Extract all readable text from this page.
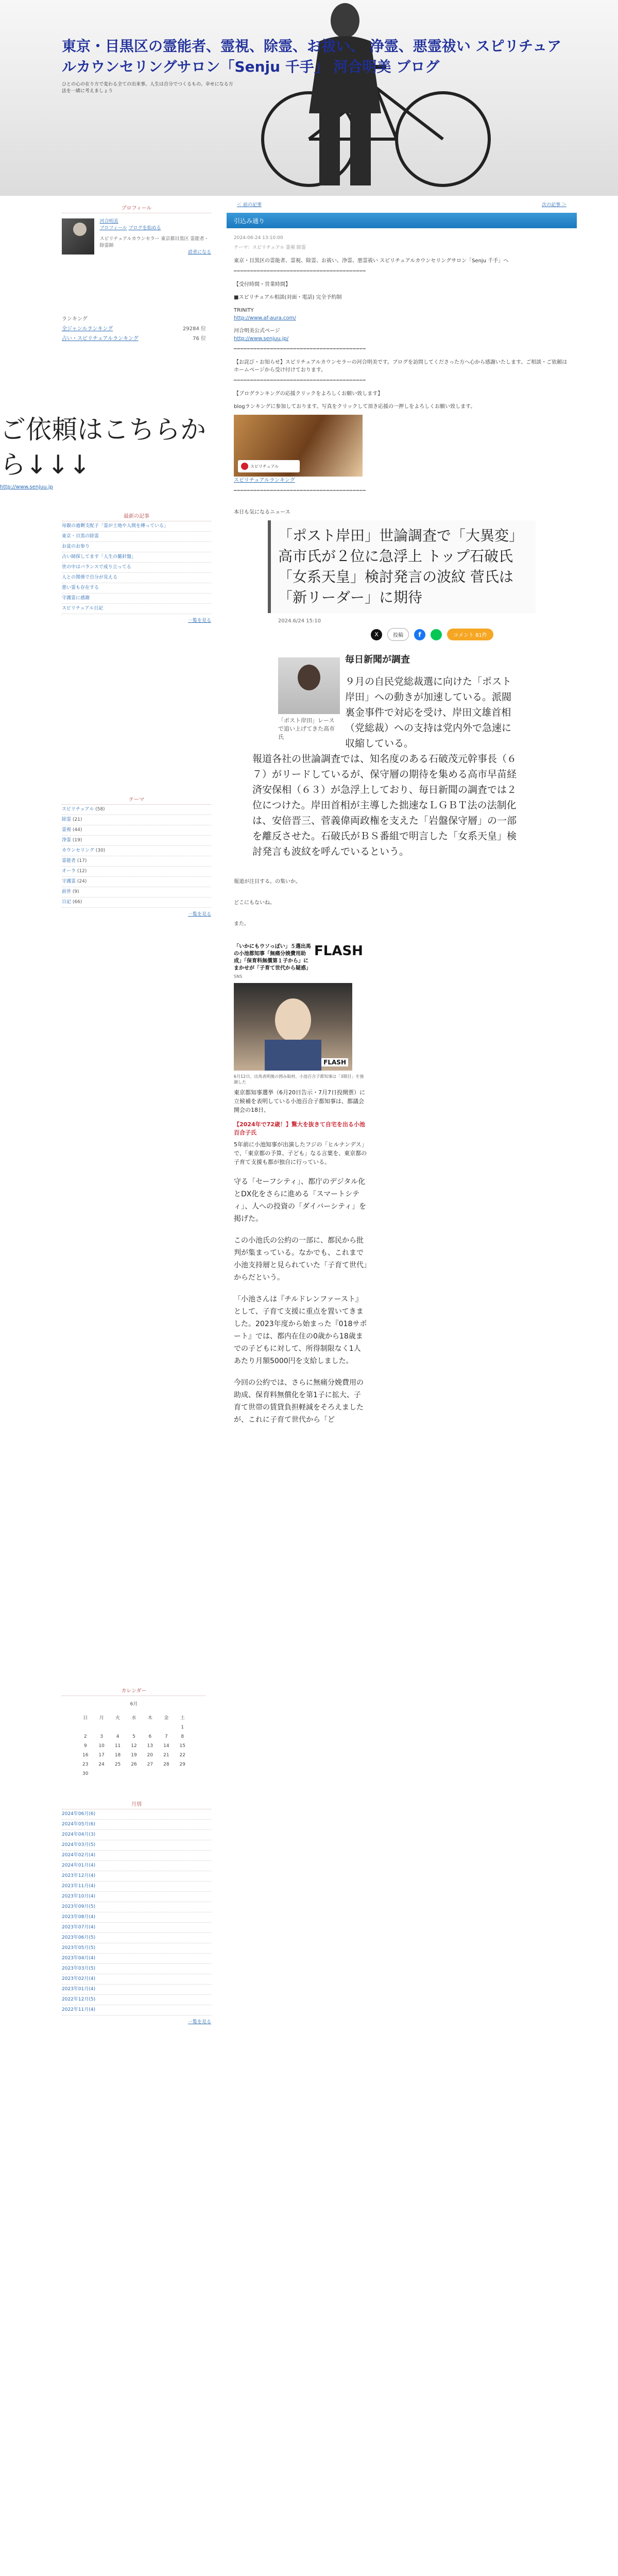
東京・目黒区の霊能者、霊視、除霊、お祓い、 浄霊、悪霊祓い スピリチュアルカウンセリングサロン「Senju 千手」 河合明美 ブログ
ひとの心の在り方で変わる全ての出来事。人生は自分でつくるもの。幸せになる方法を一緒に考えましょう
プロフィール
河合明美
プロフィール ブログを始める
スピリチュアルカウンセラー 東京都目黒区 霊能者・除霊師
読者になる
ランキング
全ジャンルランキング	29284 位
占い・スピリチュアルランキング	76 位
ご依頼はこちらから↓↓↓
http://www.senjuu.jp
最新の記事
母親の過剰支配子「霊が土地や人間を縛っている」
東京・目黒の除霊
お盆のお参り
占い師探してます「人生の羅針盤」
世の中はバランスで成り立ってる
人との関係で自分が見える
悪い霊も存在する
守護霊に感謝
スピリチュアル日記
一覧を見る
テーマ
スピリチュアル (58)
除霊 (21)
霊視 (44)
浄霊 (19)
カウンセリング (30)
霊能者 (17)
オーラ (12)
守護霊 (24)
前世 (9)
日記 (66)
一覧を見る
カレンダー
6月
日	月	火	水	木	金	土
						1
2	3	4	5	6	7	8
9	10	11	12	13	14	15
16	17	18	19	20	21	22
23	24	25	26	27	28	29
30						
月別
2024年06月(6)
2024年05月(6)
2024年04月(3)
2024年03月(5)
2024年02月(4)
2024年01月(4)
2023年12月(4)
2023年11月(4)
2023年10月(4)
2023年09月(5)
2023年08月(4)
2023年07月(4)
2023年06月(5)
2023年05月(5)
2023年04月(4)
2023年03月(5)
2023年02月(4)
2023年01月(4)
2022年12月(5)
2022年11月(4)
一覧を見る
＜ 前の記事	次の記事 ＞
引込み通り
2024-06-24 13:10:00
テーマ：スピリチュアル 霊視 除霊

東京・目黒区の霊能者、霊視、除霊、お祓い、浄霊、悪霊祓い スピリチュアルカウンセリングサロン「Senju 千手」へ

━━━━━━━━━━━━━━━━━━━━━━━━━━━━━━━━━━━━━━━━

【受付時間・営業時間】

■スピリチュアル相談(対面・電話) 完全予約制

TRINITY

http://www.af-aura.com/

河合明美公式ページ

http://www.senjuu.jp/
━━━━━━━━━━━━━━━━━━━━━━━━━━━━━━━━━━━━━━━━

【お詫び・お知らせ】スピリチュアルカウンセラーの河合明美です。ブログを訪問してくださった方へ心から感謝いたします。ご相談・ご依頼はホームページから受け付けております。

━━━━━━━━━━━━━━━━━━━━━━━━━━━━━━━━━━━━━━━━

【ブログランキングの応援クリックをよろしくお願い致します】

blogランキングに参加しております。写真をクリックして頂き応援の一押しをよろしくお願い致します。

スピリチュアル
スピリチュアルランキング
━━━━━━━━━━━━━━━━━━━━━━━━━━━━━━━━━━━━━━━━

本日も気になるニュース

「ポスト岸田」世論調査で「大異変」高市氏が２位に急浮上 トップ石破氏「女系天皇」検討発言の波紋 菅氏は「新リーダー」に期待
2024.6/24 15:10
X	投稿	f	コメント 81件
「ポスト岸田」レースで追い上げてきた高市氏
毎日新聞が調査
９月の自民党総裁選に向けた「ポスト岸田」への動きが加速している。派閥裏金事件で対応を受け、岸田文雄首相（党総裁）への支持は党内外で急速に収縮している。
報道各社の世論調査では、知名度のある石破茂元幹事長（６７）がリードしているが、保守層の期待を集める高市早苗経済安保相（６３）が急浮上しており、毎日新聞の調査では２位につけた。岸田首相が主導した拙速なＬＧＢＴ法の法制化は、安倍晋三、菅義偉両政権を支えた「岩盤保守層」の一部を離反させた。石破氏がＢＳ番組で明言した「女系天皇」検討発言も波紋を呼んでいるという。

報道が注目する。の集いか。

どこにもないね。

また。

「いかにもウソっぽい」５選出馬の小池都知事「無痛分娩費用助成」「保育料無償第１子から」にまかせが「子育て世代から疑惑」
FLASH
SNS
FLASH
6月12日、出馬表明後の囲み取材。小池百合子都知事は「3期目」を強調した
東京都知事選挙（6月20日告示・7月7日投開票）に立候補を表明している小池百合子都知事は、都議会開会の18日、
【2024年で72歳！】驚大を抜きて自宅を出る小池百合子氏
5年前に小池知事が出演したフジの「ヒルナンデス」で、「東京都の予算、子ども」なる言葉を、東京都の子育て支援も都が独自に行っている。
守る「セーフシティ」、都庁のデジタル化とDX化をさらに進める「スマートシティ」、人への投資の「ダイバーシティ」を掲げた。
この小池氏の公約の一部に、都民から批判が集まっている。なかでも、これまで小池支持層と見られていた「子育て世代」からだという。
「小池さんは『チルドレンファースト』として、子育て支援に重点を置いてきました。2023年度から始まった『018サポート』では、都内在住の0歳から18歳までの子どもに対して、所得制限なく1人あたり月額5000円を支給しました。
今回の公約では、さらに無痛分娩費用の助成、保育料無償化を第1子に拡大、子育て世帯の賃貸負担軽減をそろえましたが、これに子育て世代から「ど
